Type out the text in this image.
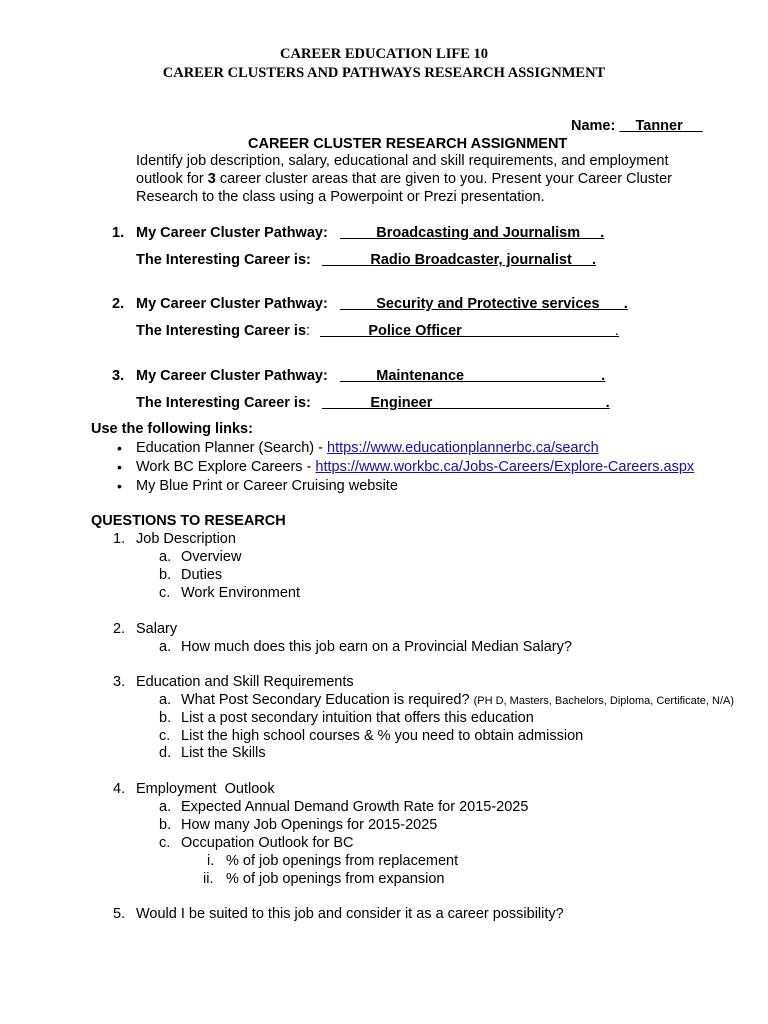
CAREER EDUCATION LIFE 10
CAREER CLUSTERS AND PATHWAYS RESEARCH ASSIGNMENT
Name: Tanner
CAREER CLUSTER RESEARCH ASSIGNMENT
Identify job description, salary, educational and skill requirements, and employment
outlook for 3 career cluster areas that are given to you. Present your Career Cluster
Research to the class using a Powerpoint or Prezi presentation.
1. My Career Cluster Pathway:	Broadcasting and Journalism     .
The Interesting Career is:	Radio Broadcaster, journalist     .
2. My Career Cluster Pathway:	Security and Protective services      .
The Interesting Career is:	Police Officer                                      .
3. My Career Cluster Pathway:	Maintenance                                  .
The Interesting Career is:	Engineer                                           .
Use the following links:
• Education Planner (Search) - https://www.educationplannerbc.ca/search
• Work BC Explore Careers - https://www.workbc.ca/Jobs-Careers/Explore-Careers.aspx
• My Blue Print or Career Cruising website
QUESTIONS TO RESEARCH
1. Job Description
a. Overview
b. Duties
c. Work Environment
2. Salary
a. How much does this job earn on a Provincial Median Salary?
3. Education and Skill Requirements
a. What Post Secondary Education is required? (PH D, Masters, Bachelors, Diploma, Certificate, N/A)
b. List a post secondary intuition that offers this education
c. List the high school courses & % you need to obtain admission
d. List the Skills
4. Employment  Outlook
a. Expected Annual Demand Growth Rate for 2015-2025
b. How many Job Openings for 2015-2025
c. Occupation Outlook for BC
i. % of job openings from replacement
ii. % of job openings from expansion
5. Would I be suited to this job and consider it as a career possibility?
